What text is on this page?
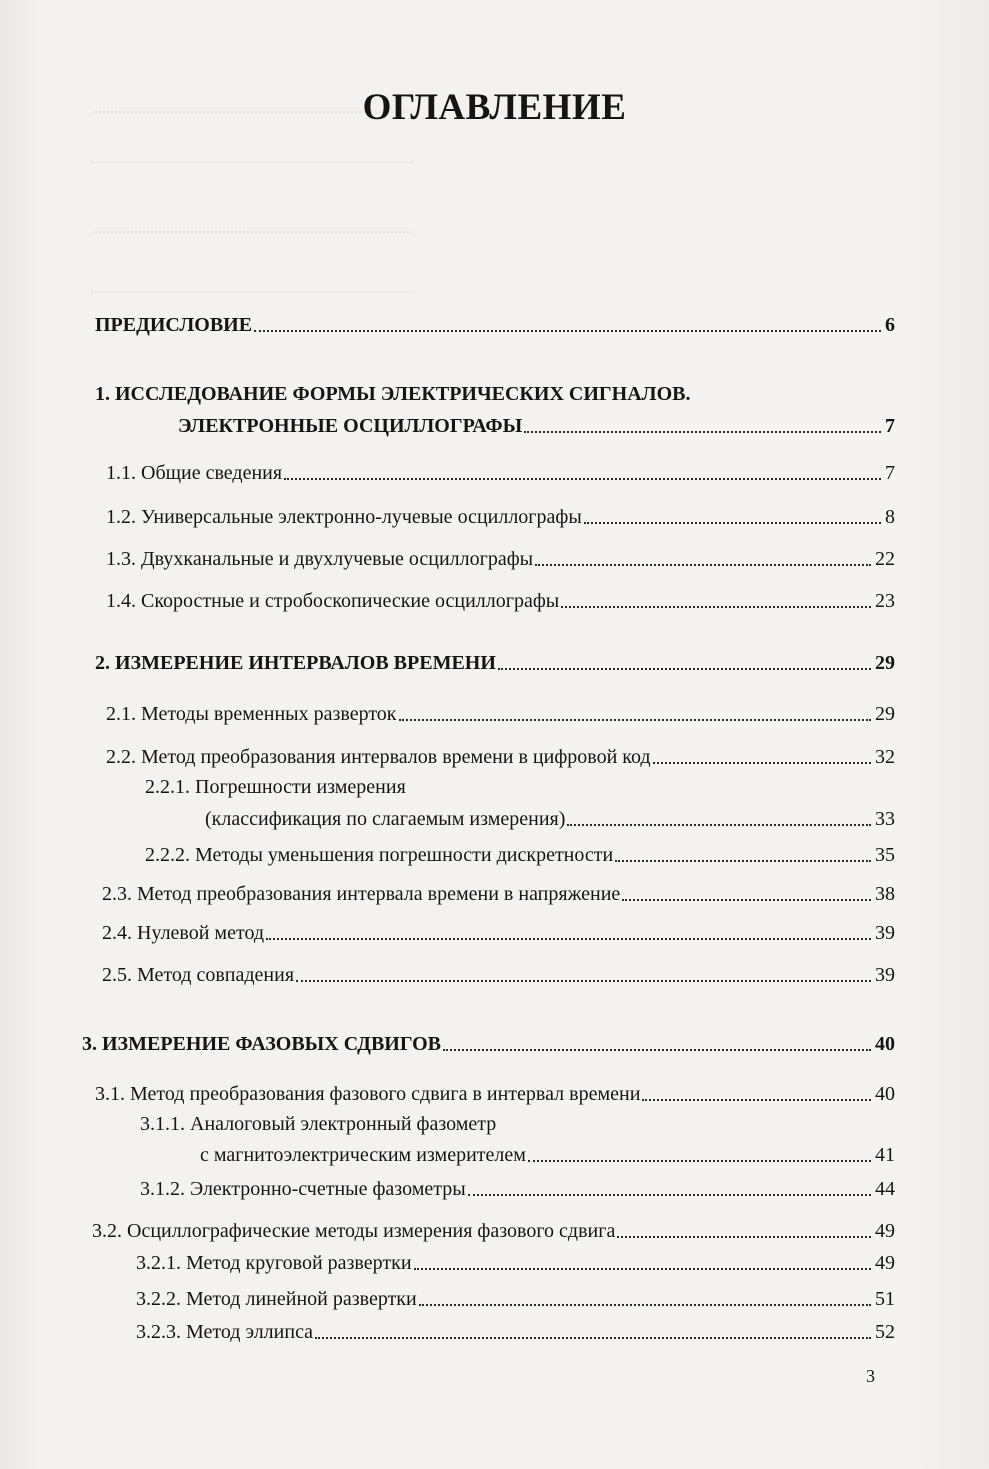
.................................................................................
.................................................................................
.................................................................................
.................................................................................
ОГЛАВЛЕНИЕ
ПРЕДИСЛОВИЕ	6
1. ИССЛЕДОВАНИЕ ФОРМЫ ЭЛЕКТРИЧЕСКИХ СИГНАЛОВ.
ЭЛЕКТРОННЫЕ ОСЦИЛЛОГРАФЫ	7
1.1. Общие сведения	7
1.2. Универсальные электронно-лучевые осциллографы	8
1.3. Двухканальные и двухлучевые осциллографы	22
1.4. Скоростные и стробоскопические осциллографы	23
2. ИЗМЕРЕНИЕ ИНТЕРВАЛОВ ВРЕМЕНИ	29
2.1. Методы временных разверток	29
2.2. Метод преобразования интервалов времени в цифровой код	32
2.2.1. Погрешности измерения
(классификация по слагаемым измерения)	33
2.2.2. Методы уменьшения погрешности дискретности	35
2.3. Метод преобразования интервала времени в напряжение	38
2.4. Нулевой метод	39
2.5. Метод совпадения	39
3. ИЗМЕРЕНИЕ ФАЗОВЫХ СДВИГОВ	40
3.1. Метод преобразования фазового сдвига в интервал времени	40
3.1.1. Аналоговый электронный фазометр
с магнитоэлектрическим измерителем	41
3.1.2. Электронно-счетные фазометры	44
3.2. Осциллографические методы измерения фазового сдвига	49
3.2.1. Метод круговой развертки	49
3.2.2. Метод линейной развертки	51
3.2.3. Метод эллипса	52
3
